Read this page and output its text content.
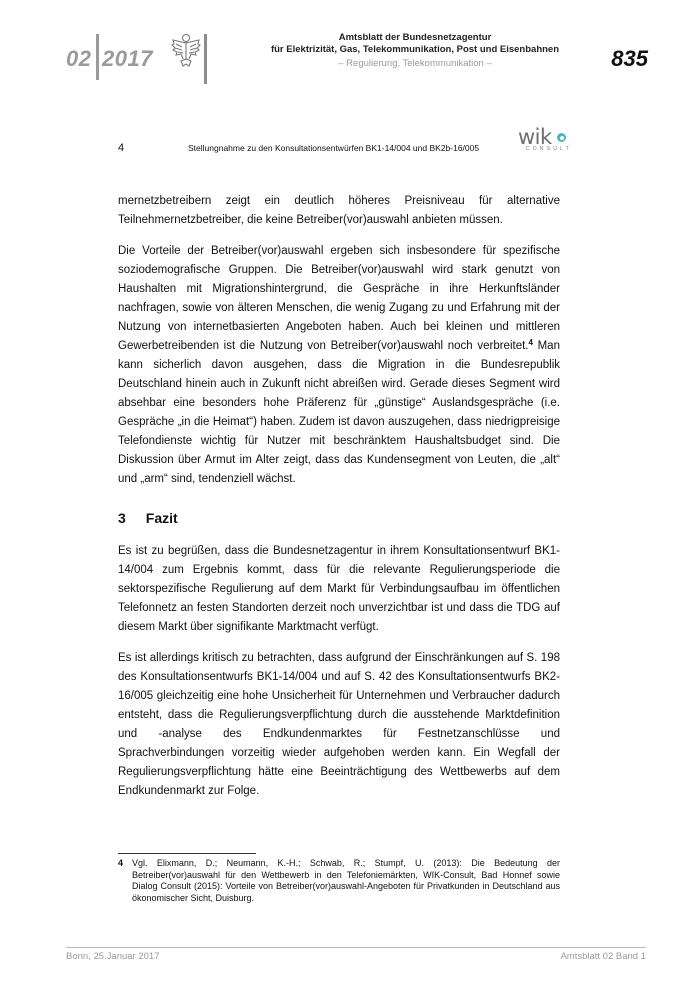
02 2017
Amtsblatt der Bundesnetzagentur
für Elektrizität, Gas, Telekommunikation, Post und Eisenbahnen
– Regulierung, Telekommunikation –	835
4	Stellungnahme zu den Konsultationsentwürfen BK1-14/004 und BK2b-16/005 wik
CONSULT

mernetzbetreibern zeigt ein deutlich höheres Preisniveau für alternative Teilnehmernetzbetreiber, die keine Betreiber(vor)auswahl anbieten müssen.

Die Vorteile der Betreiber(vor)auswahl ergeben sich insbesondere für spezifische soziodemografische Gruppen. Die Betreiber(vor)auswahl wird stark genutzt von Haushalten mit Migrationshintergrund, die Gespräche in ihre Herkunftsländer nachfragen, sowie von älteren Menschen, die wenig Zugang zu und Erfahrung mit der Nutzung von internetbasierten Angeboten haben. Auch bei kleinen und mittleren Gewerbetreibenden ist die Nutzung von Betreiber(vor)auswahl noch verbreitet.$^4$ Man kann sicherlich davon ausgehen, dass die Migration in die Bundesrepublik Deutschland hinein auch in Zukunft nicht abreißen wird. Gerade dieses Segment wird absehbar eine besonders hohe Präferenz für „günstige“ Auslandsgespräche (i.e. Gespräche „in die Heimat“) haben. Zudem ist davon auszugehen, dass niedrigpreisige Telefondienste wichtig für Nutzer mit beschränktem Haushaltsbudget sind. Die Diskussion über Armut im Alter zeigt, dass das Kundensegment von Leuten, die „alt“ und „arm“ sind, tendenziell wächst.

3 Fazit

Es ist zu begrüßen, dass die Bundesnetzagentur in ihrem Konsultationsentwurf BK1-14/004 zum Ergebnis kommt, dass für die relevante Regulierungsperiode die sektorspezifische Regulierung auf dem Markt für Verbindungsaufbau im öffentlichen Telefonnetz an festen Standorten derzeit noch unverzichtbar ist und dass die TDG auf diesem Markt über signifikante Marktmacht verfügt.

Es ist allerdings kritisch zu betrachten, dass aufgrund der Einschränkungen auf S. 198 des Konsultationsentwurfs BK1-14/004 und auf S. 42 des Konsultationsentwurfs BK2-16/005 gleichzeitig eine hohe Unsicherheit für Unternehmen und Verbraucher dadurch entsteht, dass die Regulierungsverpflichtung durch die ausstehende Marktdefinition und -analyse des Endkundenmarktes für Festnetzanschlüsse und Sprachverbindungen vorzeitig wieder aufgehoben werden kann. Ein Wegfall der Regulierungsverpflichtung hätte eine Beeinträchtigung des Wettbewerbs auf dem Endkundenmarkt zur Folge.

4 Vgl. Elixmann, D.; Neumann, K.-H.; Schwab, R.; Stumpf, U. (2013): Die Bedeutung der Betreiber(vor)auswahl für den Wettbewerb in den Telefoniemärkten, WIK-Consult, Bad Honnef sowie Dialog Consult (2015): Vorteile von Betreiber(vor)auswahl-Angeboten für Privatkunden in Deutschland aus ökonomischer Sicht, Duisburg.
Bonn, 25.Januar 2017	Amtsblatt 02 Band 1
